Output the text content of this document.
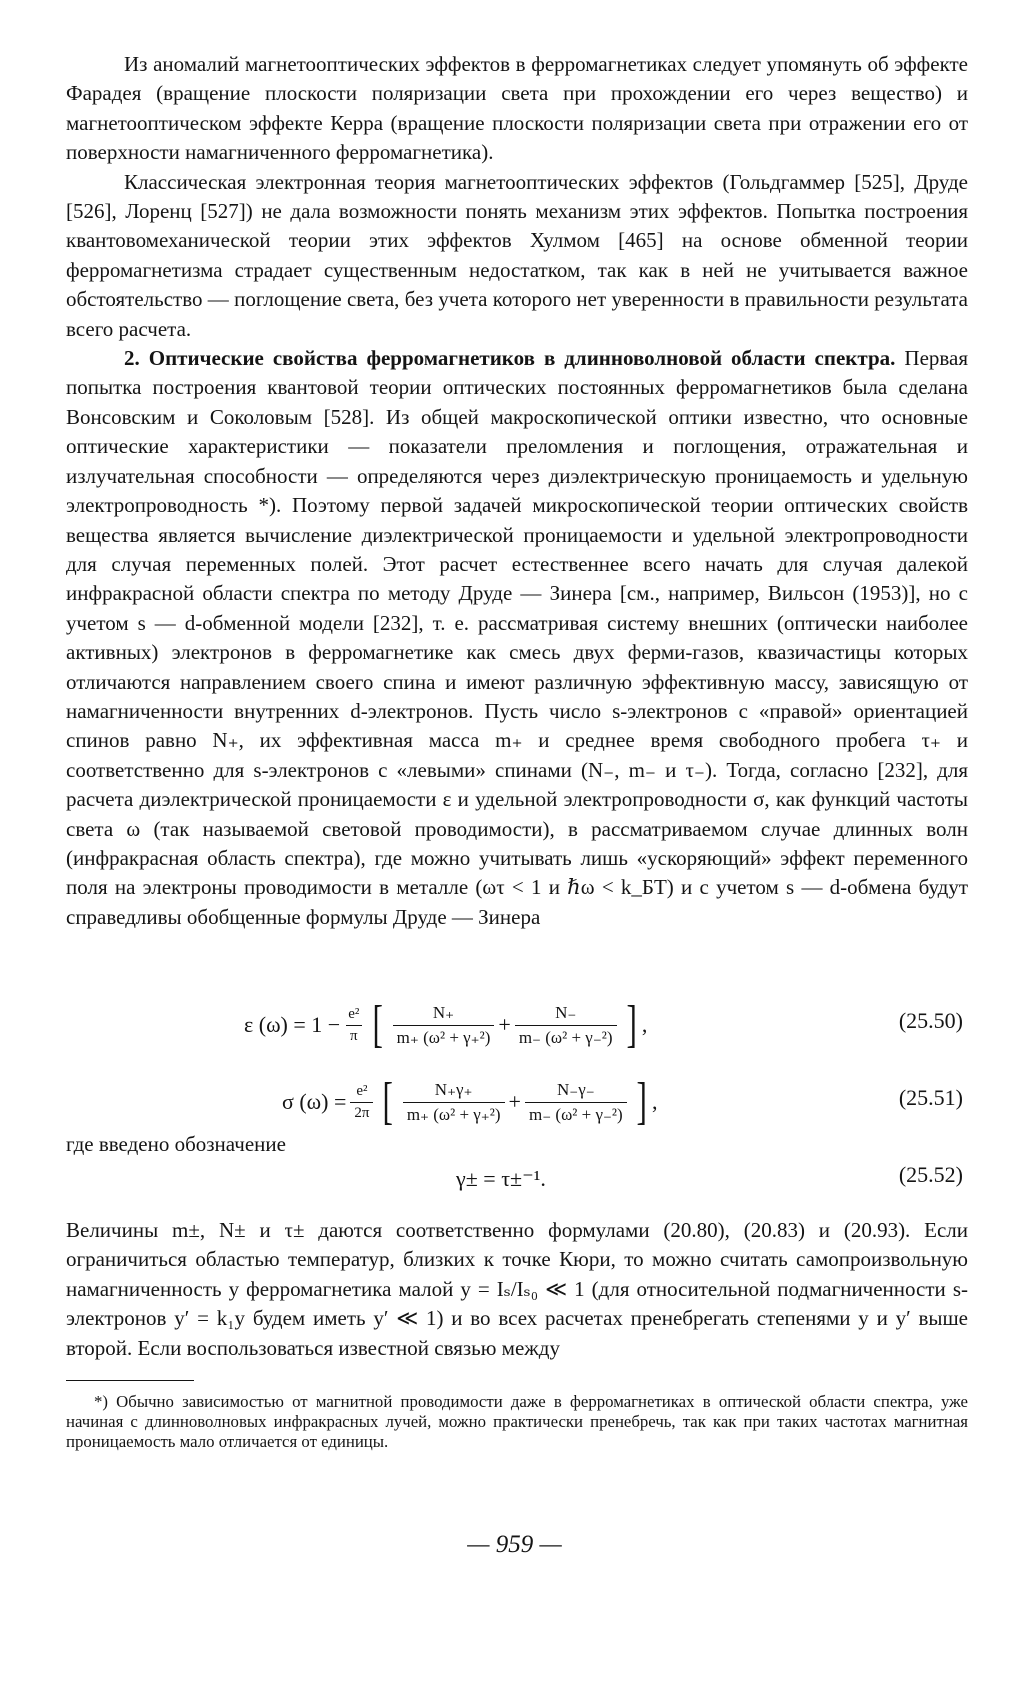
Из аномалий магнетооптических эффектов в ферромагнетиках следует упомянуть об эффекте Фарадея (вращение плоскости поляризации света при прохождении его через вещество) и магнетооптическом эффекте Керра (вращение плоскости поляризации света при отражении его от поверхности намагниченного ферромагнетика).

Классическая электронная теория магнетооптических эффектов (Гольдгаммер [525], Друде [526], Лоренц [527]) не дала возможности понять механизм этих эффектов. Попытка построения квантовомеханической теории этих эффектов Хулмом [465] на основе обменной теории ферромагнетизма страдает существенным недостатком, так как в ней не учитывается важное обстоятельство — поглощение света, без учета которого нет уверенности в правильности результата всего расчета.

2. Оптические свойства ферромагнетиков в длинноволновой области спектра. Первая попытка построения квантовой теории оптических постоянных ферромагнетиков была сделана Вонсовским и Соколовым [528]. Из общей макроскопической оптики известно, что основные оптические характеристики — показатели преломления и поглощения, отражательная и излучательная способности — определяются через диэлектрическую проницаемость и удельную электропроводность *). Поэтому первой задачей микроскопической теории оптических свойств вещества является вычисление диэлектрической проницаемости и удельной электропроводности для случая переменных полей. Этот расчет естественнее всего начать для случая далекой инфракрасной области спектра по методу Друде — Зинера [см., например, Вильсон (1953)], но с учетом s — d-обменной модели [232], т. е. рассматривая систему внешних (оптически наиболее активных) электронов в ферромагнетике как смесь двух ферми-газов, квазичастицы которых отличаются направлением своего спина и имеют различную эффективную массу, зависящую от намагниченности внутренних d-электронов. Пусть число s-электронов с «правой» ориентацией спинов равно N₊, их эффективная масса m₊ и среднее время свободного пробега τ₊ и соответственно для s-электронов с «левыми» спинами (N₋, m₋ и τ₋). Тогда, согласно [232], для расчета диэлектрической проницаемости ε и удельной электропроводности σ, как функций частоты света ω (так называемой световой проводимости), в рассматриваемом случае длинных волн (инфракрасная область спектра), где можно учитывать лишь «ускоряющий» эффект переменного поля на электроны проводимости в металле (ωτ < 1 и ℏω < k_БT) и с учетом s — d-обмена будут справедливы обобщенные формулы Друде — Зинера

ε $(\omega) = 1 - \frac{\text{e²}}{\pi}$ [ $\frac{N_+}{\text{m₊ (ω² + γ₊²)}} + \frac{N_-}{\text{m₋ (ω² + γ₋²)}}$ ] ,	(25.50)
σ $(\omega) = \frac{\text{e²}}{2\pi}$ [ $\frac{N_+\gamma_+}{\text{m₊ (ω² + γ₊²)}} + \frac{N_-\gamma_-}{\text{m₋ (ω² + γ₋²)}}$ ] ,	(25.51)
где введено обозначение
γ± = τ±⁻¹.	(25.52)

Величины m±, N± и τ± даются соответственно формулами (20.80), (20.83) и (20.93). Если ограничиться областью температур, близких к точке Кюри, то можно считать самопроизвольную намагниченность у ферромагнетика малой y = Iₛ/Iₛ₀ ≪ 1 (для относительной подмагниченности s-электронов y′ = k₁y будем иметь y′ ≪ 1) и во всех расчетах пренебрегать степенями y и y′ выше второй. Если воспользоваться известной связью между

*) Обычно зависимостью от магнитной проводимости даже в ферромагнетиках в оптической области спектра, уже начиная с длинноволновых инфракрасных лучей, можно практически пренебречь, так как при таких частотах магнитная проницаемость мало отличается от единицы.

— 959 —
